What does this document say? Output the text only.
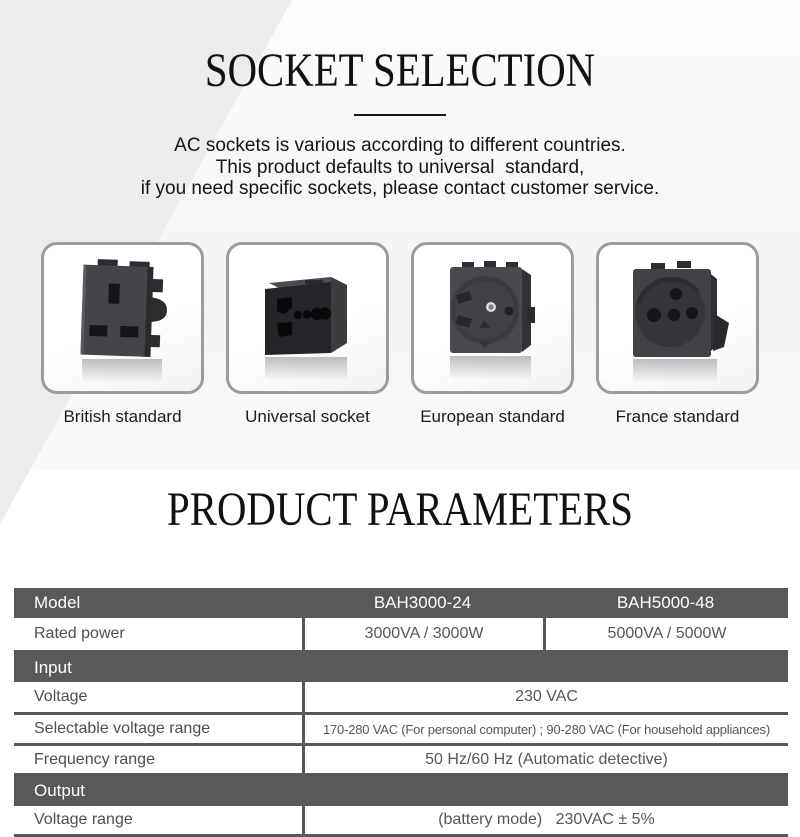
SOCKET SELECTION
AC sockets is various according to different countries.
This product defaults to universal  standard,
if you need specific sockets, please contact customer service.
British standard	Universal socket	European standard	France standard
PRODUCT PARAMETERS
Model	BAH3000-24	BAH5000-48
Rated power	3000VA / 3000W	5000VA / 5000W
Input
Voltage	230 VAC
Selectable voltage range	170-280 VAC (For personal computer) ; 90-280 VAC (For household appliances)
Frequency range	50 Hz/60 Hz (Automatic detective)
Output
Voltage range	(battery mode)   230VAC ± 5%
